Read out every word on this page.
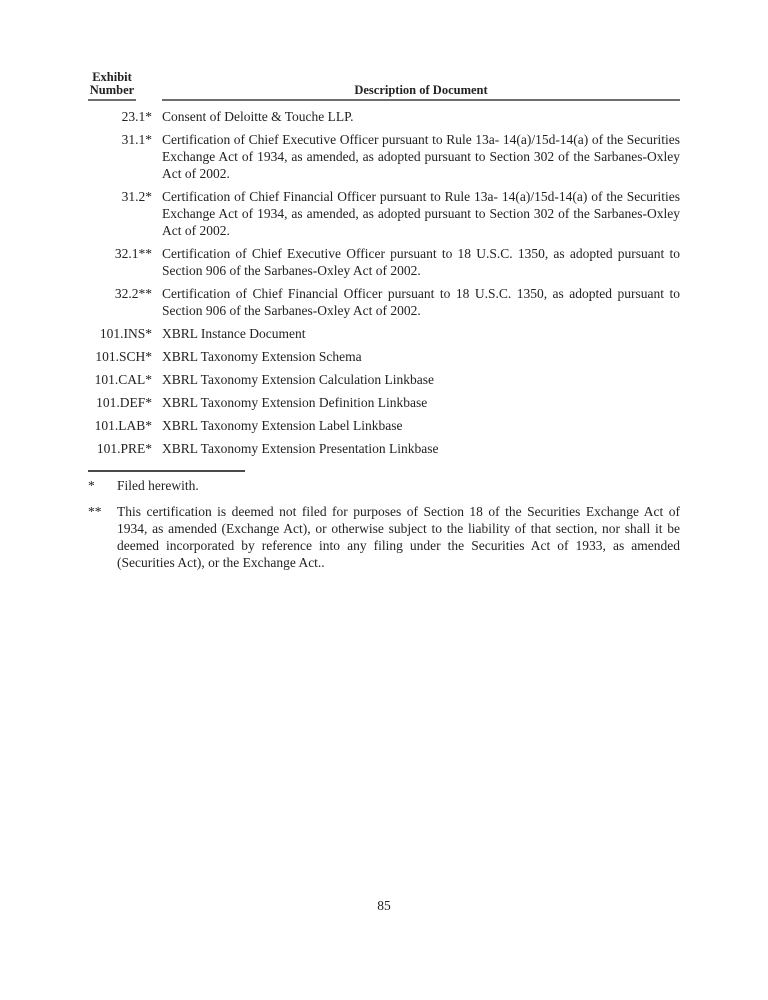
Exhibit
Number	Description of Document
23.1* Consent of Deloitte & Touche LLP.
31.1* Certification of Chief Executive Officer pursuant to Rule 13a- 14(a)/15d-14(a) of the Securities Exchange Act of 1934, as amended, as adopted pursuant to Section 302 of the Sarbanes-Oxley Act of 2002.
31.2* Certification of Chief Financial Officer pursuant to Rule 13a- 14(a)/15d-14(a) of the Securities Exchange Act of 1934, as amended, as adopted pursuant to Section 302 of the Sarbanes-Oxley Act of 2002.
32.1** Certification of Chief Executive Officer pursuant to 18 U.S.C. 1350, as adopted pursuant to Section 906 of the Sarbanes-Oxley Act of 2002.
32.2** Certification of Chief Financial Officer pursuant to 18 U.S.C. 1350, as adopted pursuant to Section 906 of the Sarbanes-Oxley Act of 2002.
101.INS* XBRL Instance Document
101.SCH* XBRL Taxonomy Extension Schema
101.CAL* XBRL Taxonomy Extension Calculation Linkbase
101.DEF* XBRL Taxonomy Extension Definition Linkbase
101.LAB* XBRL Taxonomy Extension Label Linkbase
101.PRE* XBRL Taxonomy Extension Presentation Linkbase
*	Filed herewith.
**	This certification is deemed not filed for purposes of Section 18 of the Securities Exchange Act of 1934, as amended (Exchange Act), or otherwise subject to the liability of that section, nor shall it be deemed incorporated by reference into any filing under the Securities Act of 1933, as amended (Securities Act), or the Exchange Act..
85
